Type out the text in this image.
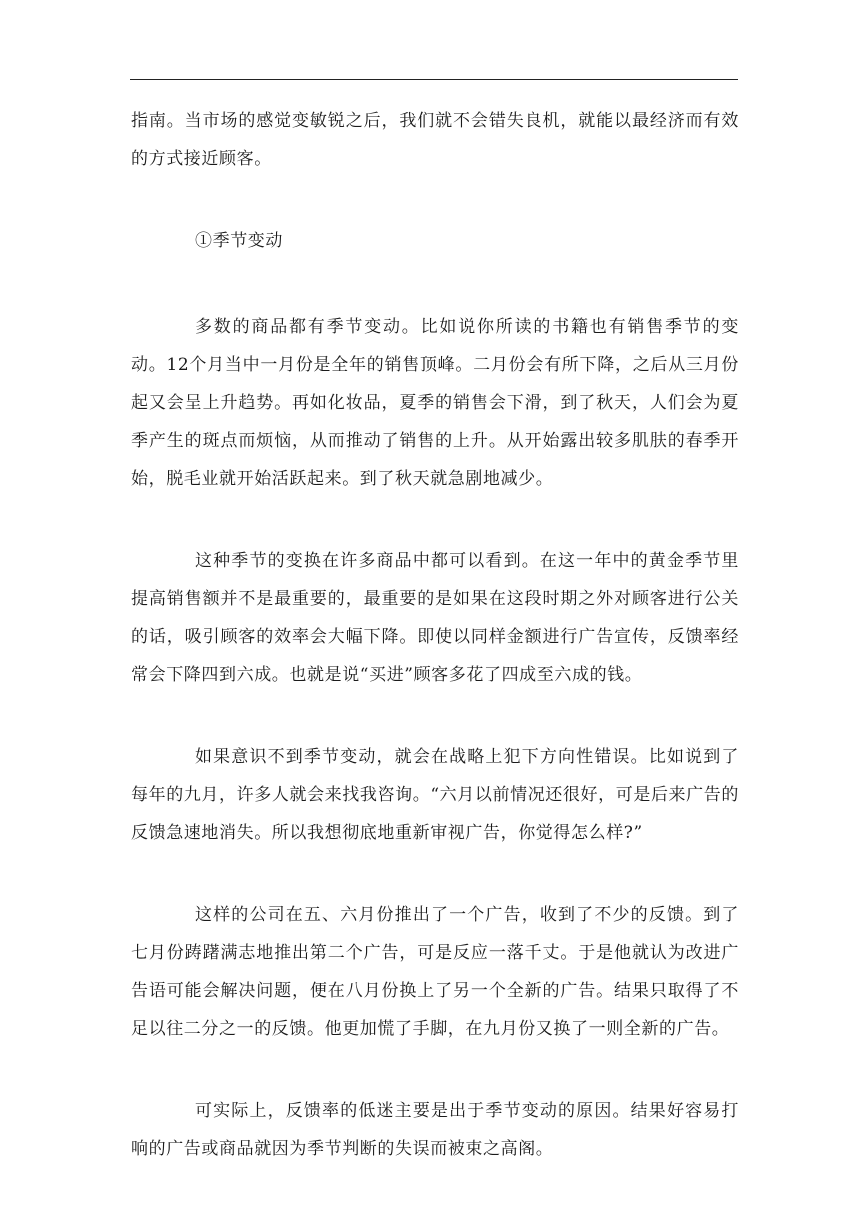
指南。当市场的感觉变敏锐之后，我们就不会错失良机，就能以最经济而有效的方式接近顾客。

①季节变动

多数的商品都有季节变动。比如说你所读的书籍也有销售季节的变动。12个月当中一月份是全年的销售顶峰。二月份会有所下降，之后从三月份起又会呈上升趋势。再如化妆品，夏季的销售会下滑，到了秋天，人们会为夏季产生的斑点而烦恼，从而推动了销售的上升。从开始露出较多肌肤的春季开始，脱毛业就开始活跃起来。到了秋天就急剧地减少。

这种季节的变换在许多商品中都可以看到。在这一年中的黄金季节里提高销售额并不是最重要的，最重要的是如果在这段时期之外对顾客进行公关的话，吸引顾客的效率会大幅下降。即使以同样金额进行广告宣传，反馈率经常会下降四到六成。也就是说“买进”顾客多花了四成至六成的钱。

如果意识不到季节变动，就会在战略上犯下方向性错误。比如说到了每年的九月，许多人就会来找我咨询。“六月以前情况还很好，可是后来广告的反馈急速地消失。所以我想彻底地重新审视广告，你觉得怎么样?”

这样的公司在五、六月份推出了一个广告，收到了不少的反馈。到了七月份踌躇满志地推出第二个广告，可是反应一落千丈。于是他就认为改进广告语可能会解决问题，便在八月份换上了另一个全新的广告。结果只取得了不足以往二分之一的反馈。他更加慌了手脚，在九月份又换了一则全新的广告。

可实际上，反馈率的低迷主要是出于季节变动的原因。结果好容易打响的广告或商品就因为季节判断的失误而被束之高阁。
